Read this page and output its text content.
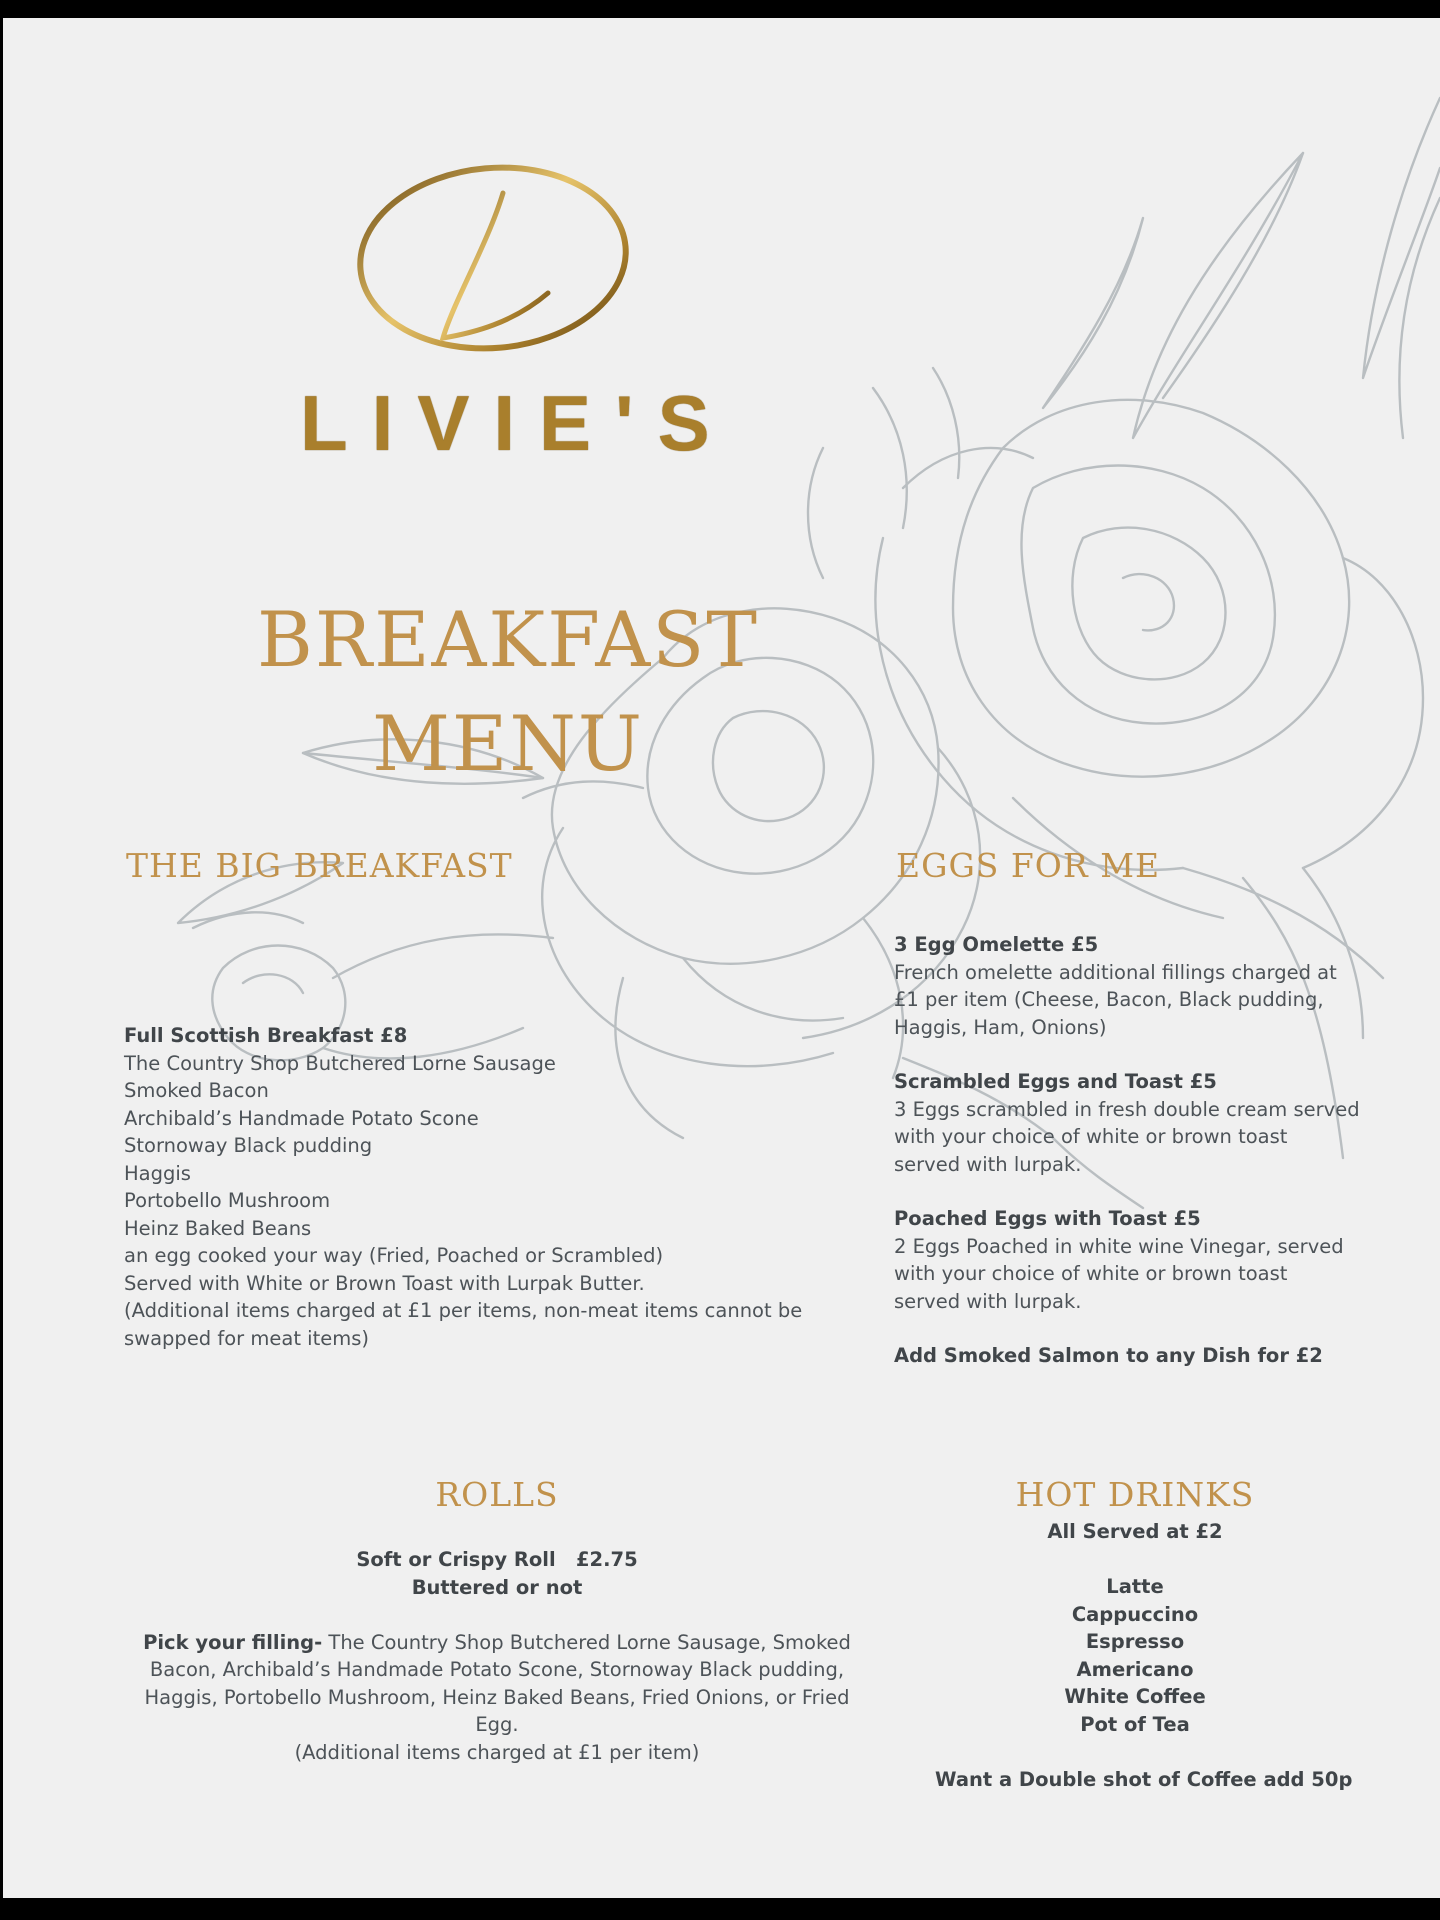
LIVIE'S
BREAKFAST
MENU
THE BIG BREAKFAST
Full Scottish Breakfast £8
The Country Shop Butchered Lorne Sausage
Smoked Bacon
Archibald’s Handmade Potato Scone
Stornoway Black pudding
Haggis
Portobello Mushroom
Heinz Baked Beans
an egg cooked your way (Fried, Poached or Scrambled)
Served with White or Brown Toast with Lurpak Butter.
(Additional items charged at £1 per items, non-meat items cannot be
swapped for meat items)
EGGS FOR ME
3 Egg Omelette £5
French omelette additional fillings charged at
£1 per item (Cheese, Bacon, Black pudding,
Haggis, Ham, Onions)
Scrambled Eggs and Toast £5
3 Eggs scrambled in fresh double cream served
with your choice of white or brown toast
served with lurpak.
Poached Eggs with Toast £5
2 Eggs Poached in white wine Vinegar, served
with your choice of white or brown toast
served with lurpak.
Add Smoked Salmon to any Dish for £2
ROLLS
Soft or Crispy Roll   £2.75
Buttered or not
Pick your filling- The Country Shop Butchered Lorne Sausage, Smoked
Bacon, Archibald’s Handmade Potato Scone, Stornoway Black pudding,
Haggis, Portobello Mushroom, Heinz Baked Beans, Fried Onions, or Fried
Egg.
(Additional items charged at £1 per item)
HOT DRINKS
All Served at £2
Latte
Cappuccino
Espresso
Americano
White Coffee
Pot of Tea
Want a Double shot of Coffee add 50p
